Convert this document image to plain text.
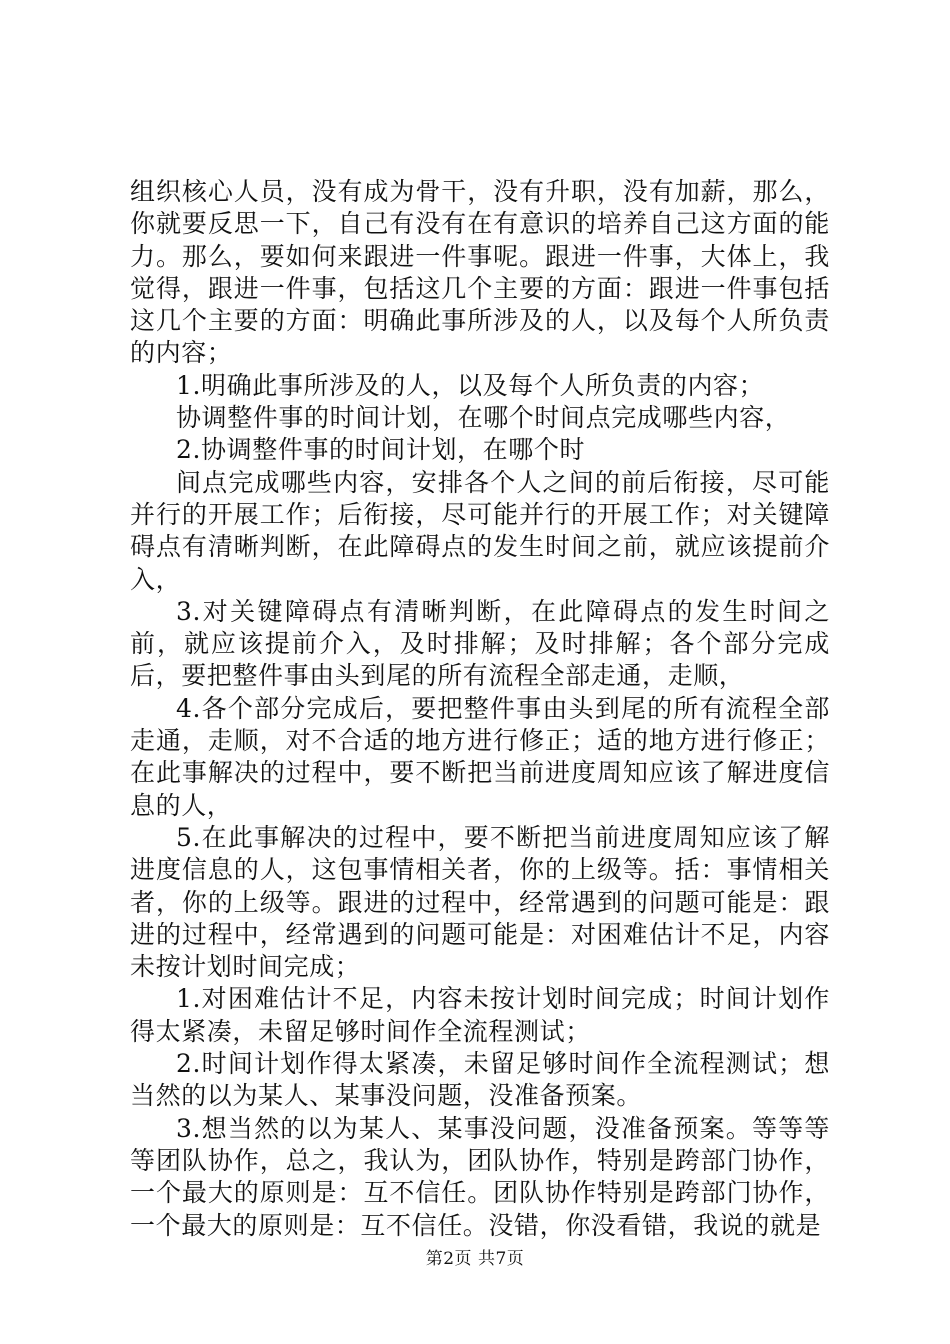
组织核心人员，没有成为骨干，没有升职，没有加薪，那么，你就要反思一下，自己有没有在有意识的培养自己这方面的能力。那么，要如何来跟进一件事呢。跟进一件事，大体上，我觉得，跟进一件事，包括这几个主要的方面：跟进一件事包括这几个主要的方面：明确此事所涉及的人，以及每个人所负责的内容；

1.明确此事所涉及的人，以及每个人所负责的内容；

协调整件事的时间计划，在哪个时间点完成哪些内容，

2.协调整件事的时间计划，在哪个时

间点完成哪些内容，安排各个人之间的前后衔接，尽可能并行的开展工作；后衔接，尽可能并行的开展工作；对关键障碍点有清晰判断，在此障碍点的发生时间之前，就应该提前介入，

3.对关键障碍点有清晰判断，在此障碍点的发生时间之前，就应该提前介入，及时排解；及时排解；各个部分完成后，要把整件事由头到尾的所有流程全部走通，走顺，

4.各个部分完成后，要把整件事由头到尾的所有流程全部走通，走顺，对不合适的地方进行修正；适的地方进行修正；在此事解决的过程中，要不断把当前进度周知应该了解进度信息的人，

5.在此事解决的过程中，要不断把当前进度周知应该了解进度信息的人，这包事情相关者，你的上级等。括：事情相关者，你的上级等。跟进的过程中，经常遇到的问题可能是：跟进的过程中，经常遇到的问题可能是：对困难估计不足，内容未按计划时间完成；

1.对困难估计不足，内容未按计划时间完成；时间计划作得太紧凑，未留足够时间作全流程测试；

2.时间计划作得太紧凑，未留足够时间作全流程测试；想当然的以为某人、某事没问题，没准备预案。

3.想当然的以为某人、某事没问题，没准备预案。等等等等团队协作，总之，我认为，团队协作，特别是跨部门协作，一个最大的原则是：互不信任。团队协作特别是跨部门协作，一个最大的原则是：互不信任。没错，你没看错，我说的就是

第2页 共7页
